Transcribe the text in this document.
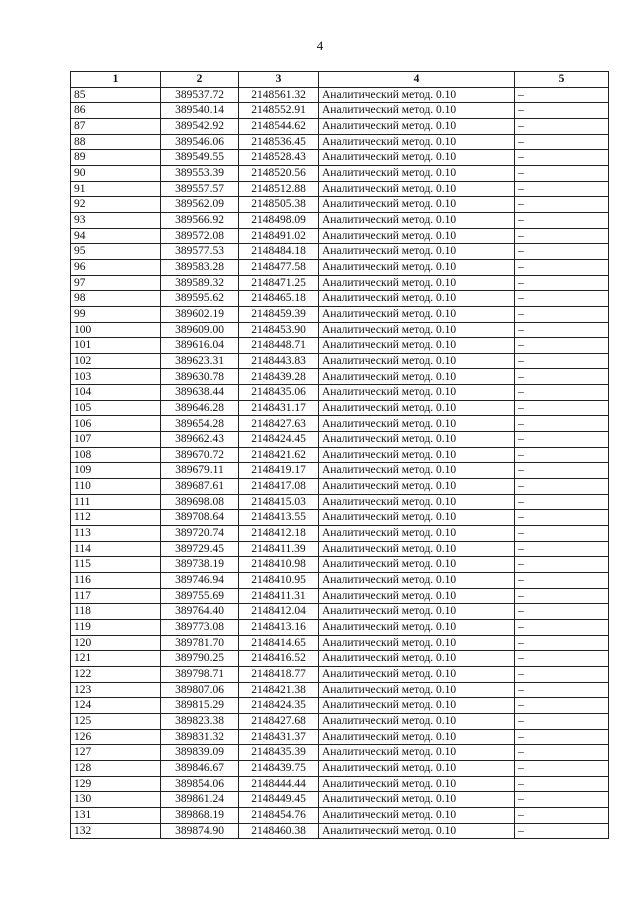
4
1	2	3	4	5
85	389537.72	2148561.32	Аналитический метод. 0.10	–
86	389540.14	2148552.91	Аналитический метод. 0.10	–
87	389542.92	2148544.62	Аналитический метод. 0.10	–
88	389546.06	2148536.45	Аналитический метод. 0.10	–
89	389549.55	2148528.43	Аналитический метод. 0.10	–
90	389553.39	2148520.56	Аналитический метод. 0.10	–
91	389557.57	2148512.88	Аналитический метод. 0.10	–
92	389562.09	2148505.38	Аналитический метод. 0.10	–
93	389566.92	2148498.09	Аналитический метод. 0.10	–
94	389572.08	2148491.02	Аналитический метод. 0.10	–
95	389577.53	2148484.18	Аналитический метод. 0.10	–
96	389583.28	2148477.58	Аналитический метод. 0.10	–
97	389589.32	2148471.25	Аналитический метод. 0.10	–
98	389595.62	2148465.18	Аналитический метод. 0.10	–
99	389602.19	2148459.39	Аналитический метод. 0.10	–
100	389609.00	2148453.90	Аналитический метод. 0.10	–
101	389616.04	2148448.71	Аналитический метод. 0.10	–
102	389623.31	2148443.83	Аналитический метод. 0.10	–
103	389630.78	2148439.28	Аналитический метод. 0.10	–
104	389638.44	2148435.06	Аналитический метод. 0.10	–
105	389646.28	2148431.17	Аналитический метод. 0.10	–
106	389654.28	2148427.63	Аналитический метод. 0.10	–
107	389662.43	2148424.45	Аналитический метод. 0.10	–
108	389670.72	2148421.62	Аналитический метод. 0.10	–
109	389679.11	2148419.17	Аналитический метод. 0.10	–
110	389687.61	2148417.08	Аналитический метод. 0.10	–
111	389698.08	2148415.03	Аналитический метод. 0.10	–
112	389708.64	2148413.55	Аналитический метод. 0.10	–
113	389720.74	2148412.18	Аналитический метод. 0.10	–
114	389729.45	2148411.39	Аналитический метод. 0.10	–
115	389738.19	2148410.98	Аналитический метод. 0.10	–
116	389746.94	2148410.95	Аналитический метод. 0.10	–
117	389755.69	2148411.31	Аналитический метод. 0.10	–
118	389764.40	2148412.04	Аналитический метод. 0.10	–
119	389773.08	2148413.16	Аналитический метод. 0.10	–
120	389781.70	2148414.65	Аналитический метод. 0.10	–
121	389790.25	2148416.52	Аналитический метод. 0.10	–
122	389798.71	2148418.77	Аналитический метод. 0.10	–
123	389807.06	2148421.38	Аналитический метод. 0.10	–
124	389815.29	2148424.35	Аналитический метод. 0.10	–
125	389823.38	2148427.68	Аналитический метод. 0.10	–
126	389831.32	2148431.37	Аналитический метод. 0.10	–
127	389839.09	2148435.39	Аналитический метод. 0.10	–
128	389846.67	2148439.75	Аналитический метод. 0.10	–
129	389854.06	2148444.44	Аналитический метод. 0.10	–
130	389861.24	2148449.45	Аналитический метод. 0.10	–
131	389868.19	2148454.76	Аналитический метод. 0.10	–
132	389874.90	2148460.38	Аналитический метод. 0.10	–
